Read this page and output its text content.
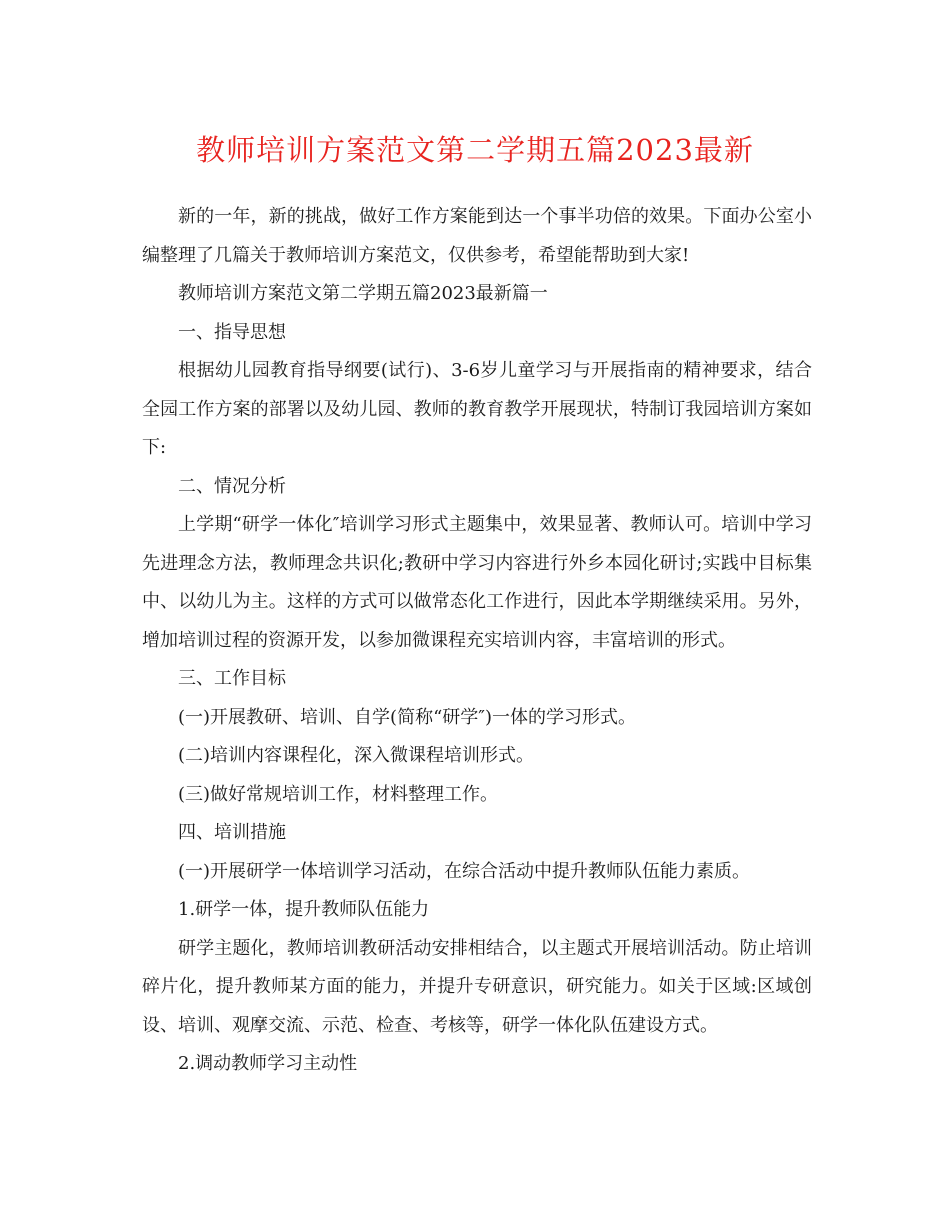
教师培训方案范文第二学期五篇2023最新

新的一年，新的挑战，做好工作方案能到达一个事半功倍的效果。下面办公室小编整理了几篇关于教师培训方案范文，仅供参考，希望能帮助到大家!

教师培训方案范文第二学期五篇2023最新篇一

一、指导思想

根据幼儿园教育指导纲要(试行)、3-6岁儿童学习与开展指南的精神要求，结合全园工作方案的部署以及幼儿园、教师的教育教学开展现状，特制订我园培训方案如下:

二、情况分析

上学期“研学一体化″培训学习形式主题集中，效果显著、教师认可。培训中学习先进理念方法，教师理念共识化;教研中学习内容进行外乡本园化研讨;实践中目标集中、以幼儿为主。这样的方式可以做常态化工作进行，因此本学期继续采用。另外，增加培训过程的资源开发，以参加微课程充实培训内容，丰富培训的形式。

三、工作目标

(一)开展教研、培训、自学(简称“研学″)一体的学习形式。

(二)培训内容课程化，深入微课程培训形式。

(三)做好常规培训工作，材料整理工作。

四、培训措施

(一)开展研学一体培训学习活动，在综合活动中提升教师队伍能力素质。

1.研学一体，提升教师队伍能力

研学主题化，教师培训教研活动安排相结合，以主题式开展培训活动。防止培训碎片化，提升教师某方面的能力，并提升专研意识，研究能力。如关于区域:区域创设、培训、观摩交流、示范、检查、考核等，研学一体化队伍建设方式。

2.调动教师学习主动性
